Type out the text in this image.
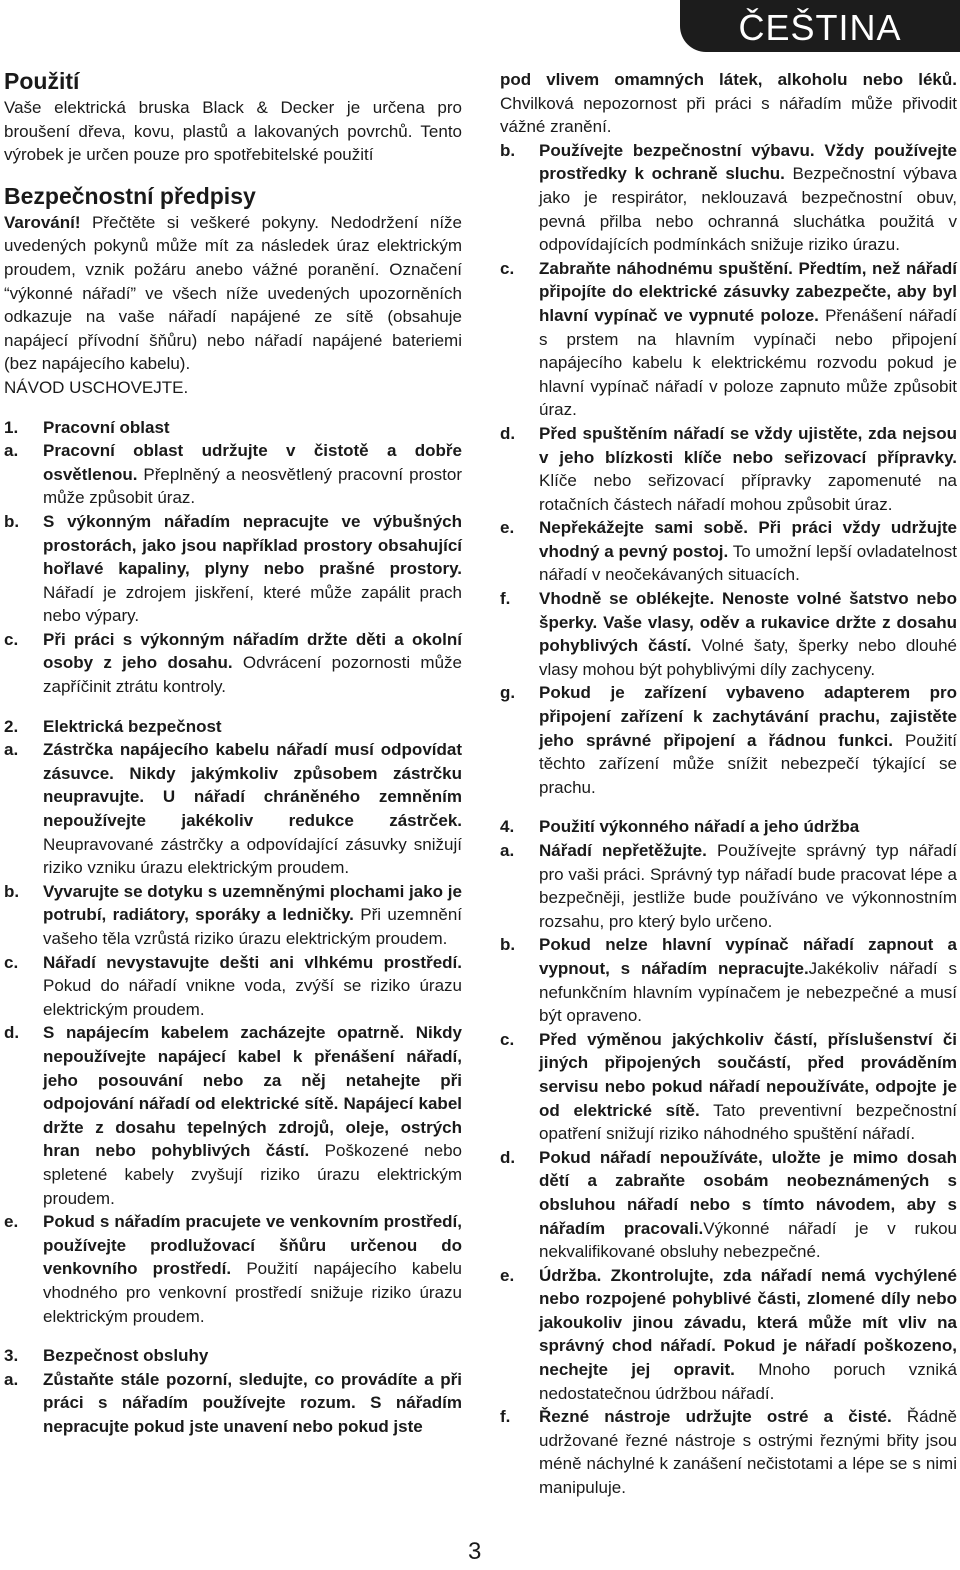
ČEŠTINA
Použití

Vaše elektrická bruska Black & Decker je určena pro broušení dřeva, kovu, plastů a lakovaných povrchů. Tento výrobek je určen pouze pro spotřebitelské použití

Bezpečnostní předpisy

Varování! Přečtěte si veškeré pokyny. Nedodržení níže uvedených pokynů může mít za následek úraz elektrickým proudem, vznik požáru anebo vážné poranění. Označení “výkonné nářadí” ve všech níže uvedených upozorněních odkazuje na vaše nářadí napájené ze sítě (obsahuje napájecí přívodní šňůru) nebo nářadí napájené bateriemi (bez napájecího kabelu).

NÁVOD USCHOVEJTE.

1.	Pracovní oblast
a.	Pracovní oblast udržujte v čistotě a dobře osvětlenou. Přeplněný a neosvětlený pracovní prostor může způsobit úraz.
b.	S výkonným nářadím nepracujte ve výbušných prostorách, jako jsou například prostory obsahující hořlavé kapaliny, plyny nebo prašné prostory. Nářadí je zdrojem jiskření, které může zapálit prach nebo výpary.
c.	Při práci s výkonným nářadím držte děti a okolní osoby z jeho dosahu. Odvrácení pozornosti může zapříčinit ztrátu kontroly.
2.	Elektrická bezpečnost
a.	Zástrčka napájecího kabelu nářadí musí odpovídat zásuvce. Nikdy jakýmkoliv způsobem zástrčku neupravujte. U nářadí chráněného zemněním nepoužívejte jakékoliv redukce zástrček. Neupravované zástrčky a odpovídající zásuvky snižují riziko vzniku úrazu elektrickým proudem.
b.	Vyvarujte se dotyku s uzemněnými plochami jako je potrubí, radiátory, sporáky a ledničky. Při uzemnění vašeho těla vzrůstá riziko úrazu elektrickým proudem.
c.	Nářadí nevystavujte dešti ani vlhkému prostředí. Pokud do nářadí vnikne voda, zvýší se riziko úrazu elektrickým proudem.
d.	S napájecím kabelem zacházejte opatrně. Nikdy nepoužívejte napájecí kabel k přenášení nářadí, jeho posouvání nebo za něj netahejte při odpojování nářadí od elektrické sítě. Napájecí kabel držte z dosahu tepelných zdrojů, oleje, ostrých hran nebo pohyblivých částí. Poškozené nebo spletené kabely zvyšují riziko úrazu elektrickým proudem.
e.	Pokud s nářadím pracujete ve venkovním prostředí, používejte prodlužovací šňůru určenou do venkovního prostředí. Použití napájecího kabelu vhodného pro venkovní prostředí snižuje riziko úrazu elektrickým proudem.
3.	Bezpečnost obsluhy
a.	Zůstaňte stále pozorní, sledujte, co provádíte a při práci s nářadím používejte rozum. S nářadím nepracujte pokud jste unavení nebo pokud jste

pod vlivem omamných látek, alkoholu nebo léků. Chvilková nepozornost při práci s nářadím může přivodit vážné zranění.

b.	Používejte bezpečnostní výbavu. Vždy používejte prostředky k ochraně sluchu. Bezpečnostní výbava jako je respirátor, neklouzavá bezpečnostní obuv, pevná přilba nebo ochranná sluchátka použitá v odpovídajících podmínkách snižuje riziko úrazu.
c.	Zabraňte náhodnému spuštění. Předtím, než nářadí připojíte do elektrické zásuvky zabezpečte, aby byl hlavní vypínač ve vypnuté poloze. Přenášení nářadí s prstem na hlavním vypínači nebo připojení napájecího kabelu k elektrickému rozvodu pokud je hlavní vypínač nářadí v poloze zapnuto může způsobit úraz.
d.	Před spuštěním nářadí se vždy ujistěte, zda nejsou v jeho blízkosti klíče nebo seřizovací přípravky. Klíče nebo seřizovací přípravky zapomenuté na rotačních částech nářadí mohou způsobit úraz.
e.	Nepřekážejte sami sobě. Při práci vždy udržujte vhodný a pevný postoj. To umožní lepší ovladatelnost nářadí v neočekávaných situacích.
f.	Vhodně se oblékejte. Nenoste volné šatstvo nebo šperky. Vaše vlasy, oděv a rukavice držte z dosahu pohyblivých částí. Volné šaty, šperky nebo dlouhé vlasy mohou být pohyblivými díly zachyceny.
g.	Pokud je zařízení vybaveno adapterem pro připojení zařízení k zachytávání prachu, zajistěte jeho správné připojení a řádnou funkci. Použití těchto zařízení může snížit nebezpečí týkající se prachu.
4.	Použití výkonného nářadí a jeho údržba
a.	Nářadí nepřetěžujte. Používejte správný typ nářadí pro vaši práci. Správný typ nářadí bude pracovat lépe a bezpečněji, jestliže bude používáno ve výkonnostním rozsahu, pro který bylo určeno.
b.	Pokud nelze hlavní vypínač nářadí zapnout a vypnout, s nářadím nepracujte.Jakékoliv nářadí s nefunkčním hlavním vypínačem je nebezpečné a musí být opraveno.
c.	Před výměnou jakýchkoliv částí, příslušenství či jiných připojených součástí, před prováděním servisu nebo pokud nářadí nepoužíváte, odpojte je od elektrické sítě. Tato preventivní bezpečnostní opatření snižují riziko náhodného spuštění nářadí.
d.	Pokud nářadí nepoužíváte, uložte je mimo dosah dětí a zabraňte osobám neobeznámených s obsluhou nářadí nebo s tímto návodem, aby s nářadím pracovali.Výkonné nářadí je v rukou nekvalifikované obsluhy nebezpečné.
e.	Údržba. Zkontrolujte, zda nářadí nemá vychýlené nebo rozpojené pohyblivé části, zlomené díly nebo jakoukoliv jinou závadu, která může mít vliv na správný chod nářadí. Pokud je nářadí poškozeno, nechejte jej opravit. Mnoho poruch vzniká nedostatečnou údržbou nářadí.
f.	Řezné nástroje udržujte ostré a čisté. Řádně udržované řezné nástroje s ostrými řeznými břity jsou méně náchylné k zanášení nečistotami a lépe se s nimi manipuluje.
3
